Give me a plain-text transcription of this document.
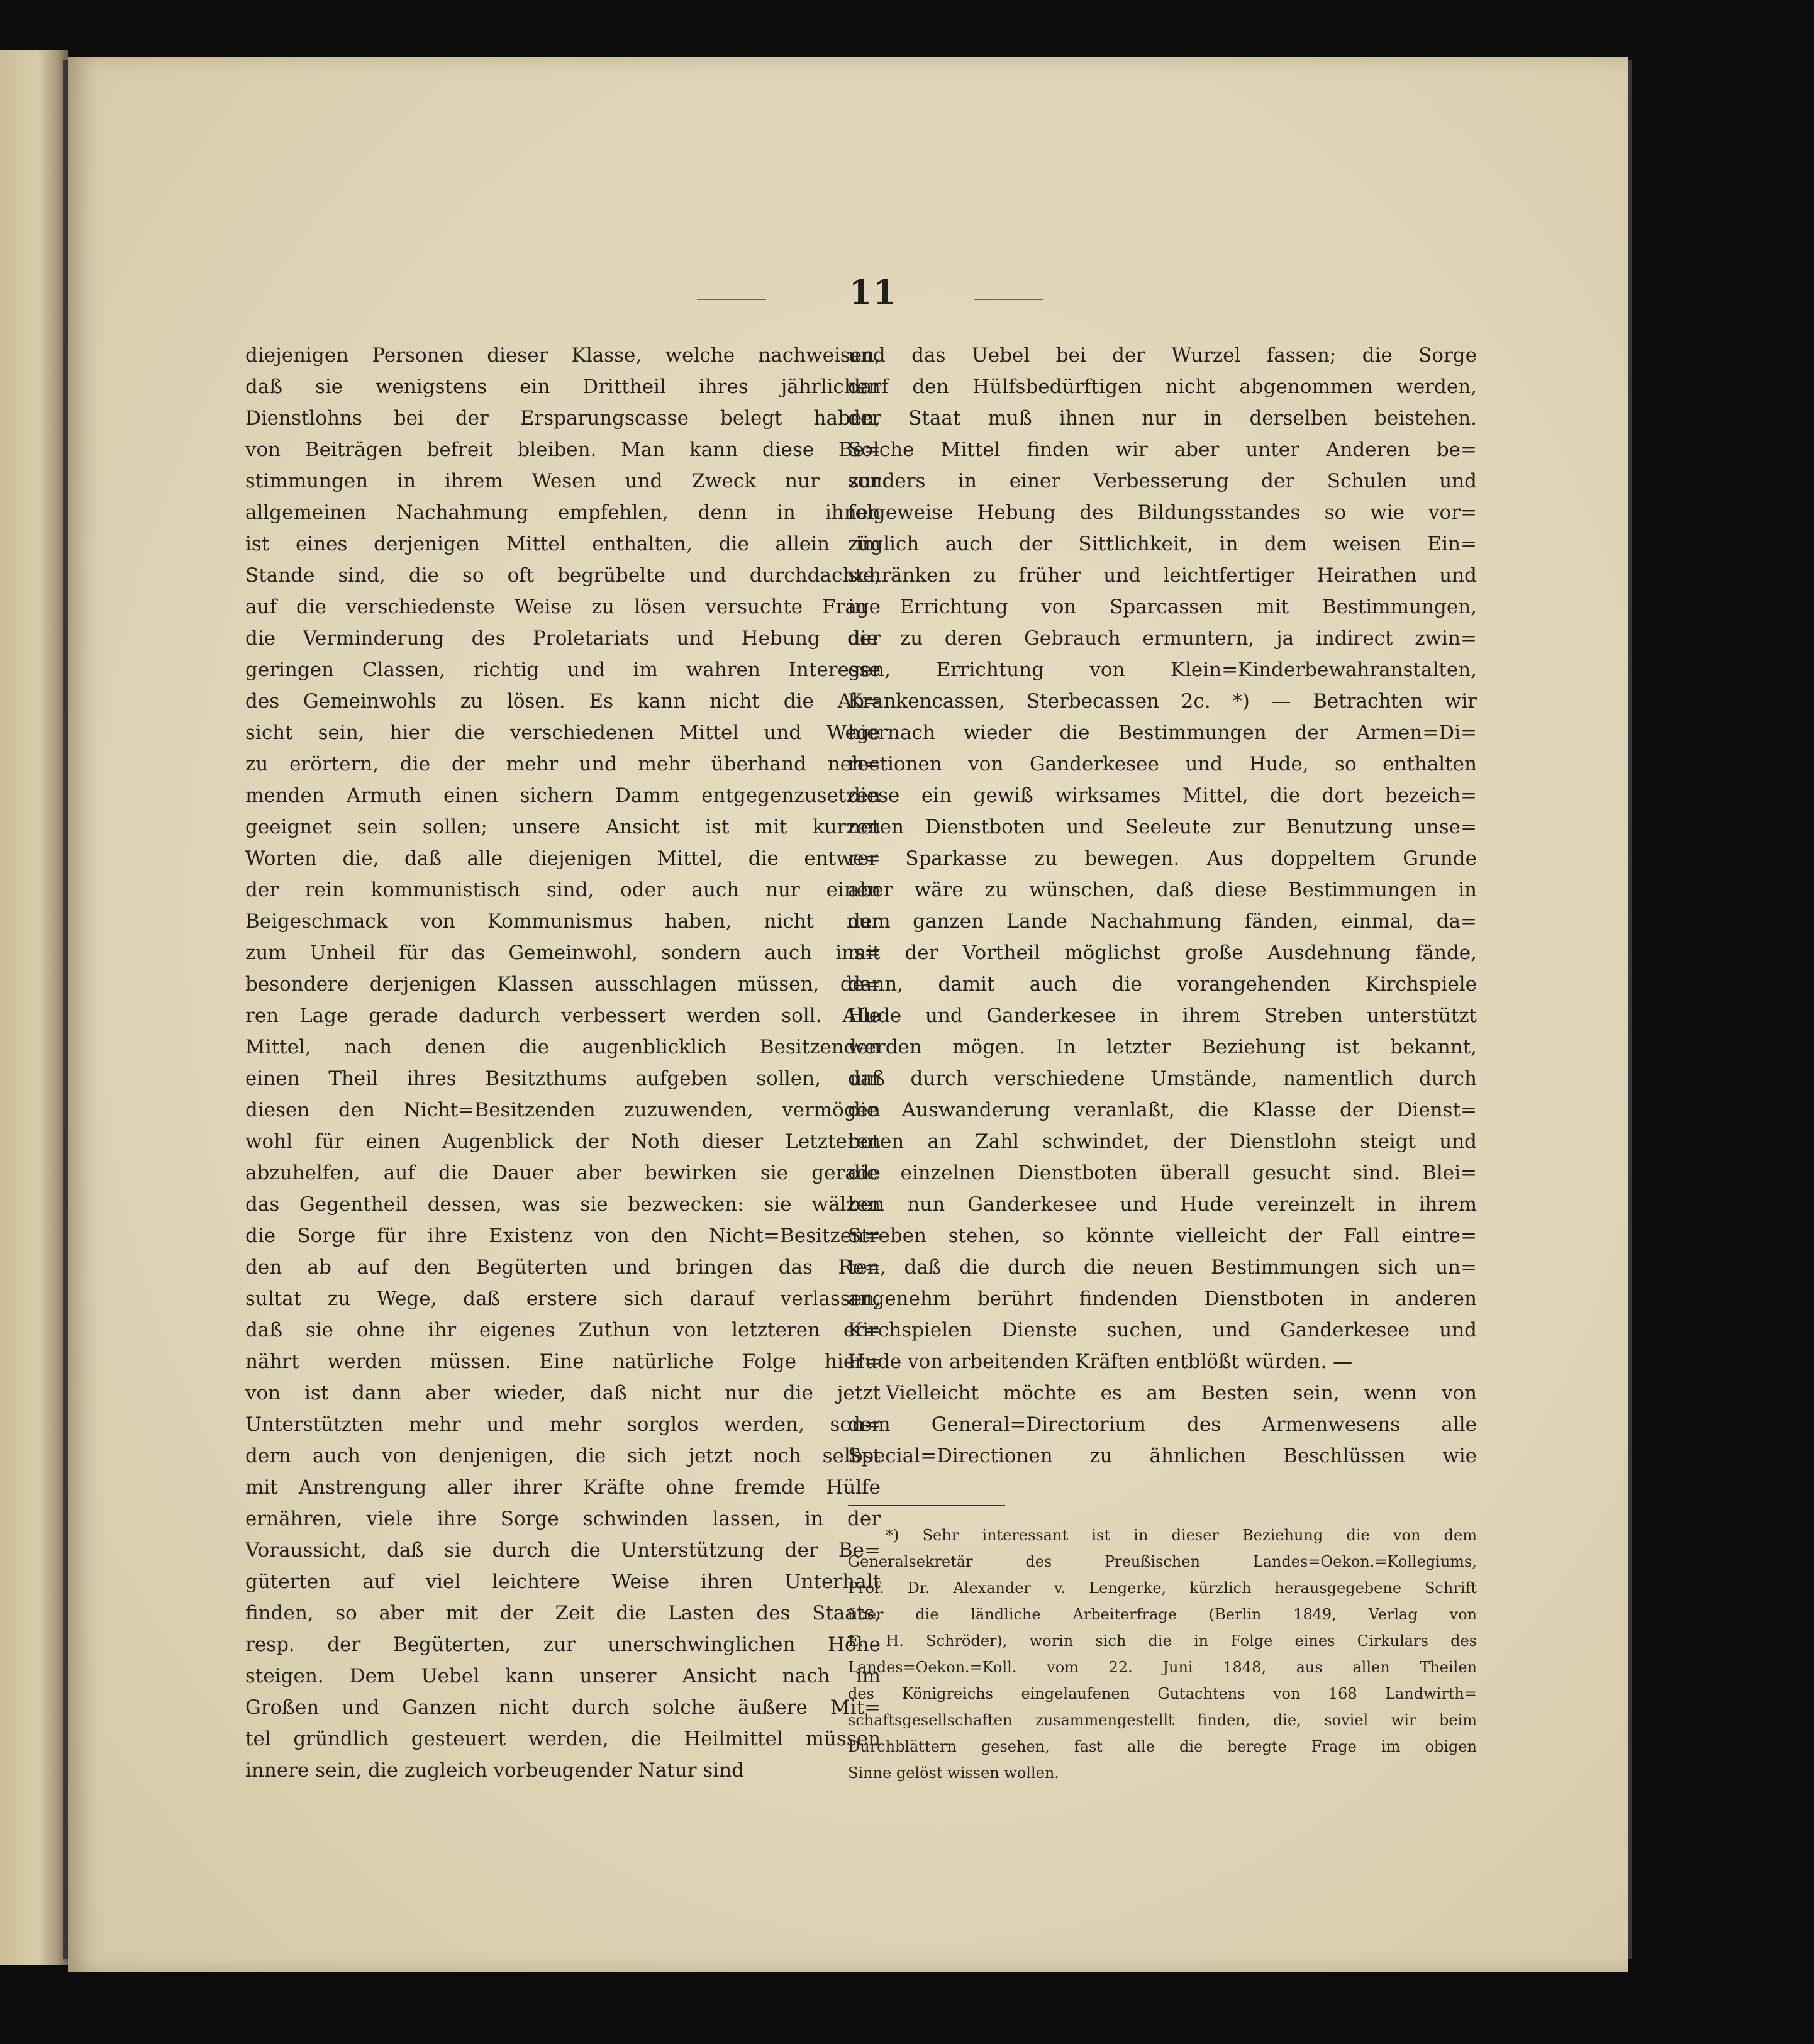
11
diejenigen Personen dieser Klasse, welche nachweisen,
daß sie wenigstens ein Drittheil ihres jährlichen
Dienstlohns bei der Ersparungscasse belegt haben,
von Beiträgen befreit bleiben. Man kann diese Be=
stimmungen in ihrem Wesen und Zweck nur zur
allgemeinen Nachahmung empfehlen, denn in ihnen
ist eines derjenigen Mittel enthalten, die allein im
Stande sind, die so oft begrübelte und durchdachte,
auf die verschiedenste Weise zu lösen versuchte Frage
die Verminderung des Proletariats und Hebung der
geringen Classen, richtig und im wahren Interesse
des Gemeinwohls zu lösen. Es kann nicht die Ab=
sicht sein, hier die verschiedenen Mittel und Wege
zu erörtern, die der mehr und mehr überhand neh=
menden Armuth einen sichern Damm entgegenzusetzen
geeignet sein sollen; unsere Ansicht ist mit kurzen
Worten die, daß alle diejenigen Mittel, die entwe=
der rein kommunistisch sind, oder auch nur einen
Beigeschmack von Kommunismus haben, nicht nur
zum Unheil für das Gemeinwohl, sondern auch ins=
besondere derjenigen Klassen ausschlagen müssen, de=
ren Lage gerade dadurch verbessert werden soll. Alle
Mittel, nach denen die augenblicklich Besitzenden
einen Theil ihres Besitzthums aufgeben sollen, um
diesen den Nicht=Besitzenden zuzuwenden, vermögen
wohl für einen Augenblick der Noth dieser Letzteren
abzuhelfen, auf die Dauer aber bewirken sie gerade
das Gegentheil dessen, was sie bezwecken: sie wälzen
die Sorge für ihre Existenz von den Nicht=Besitzen=
den ab auf den Begüterten und bringen das Re=
sultat zu Wege, daß erstere sich darauf verlassen,
daß sie ohne ihr eigenes Zuthun von letzteren er=
nährt werden müssen. Eine natürliche Folge hier=
von ist dann aber wieder, daß nicht nur die jetzt
Unterstützten mehr und mehr sorglos werden, son=
dern auch von denjenigen, die sich jetzt noch selbst
mit Anstrengung aller ihrer Kräfte ohne fremde Hülfe
ernähren, viele ihre Sorge schwinden lassen, in der
Voraussicht, daß sie durch die Unterstützung der Be=
güterten auf viel leichtere Weise ihren Unterhalt
finden, so aber mit der Zeit die Lasten des Staats,
resp. der Begüterten, zur unerschwinglichen Höhe
steigen. Dem Uebel kann unserer Ansicht nach im
Großen und Ganzen nicht durch solche äußere Mit=
tel gründlich gesteuert werden, die Heilmittel müssen
innere sein, die zugleich vorbeugender Natur sind
und das Uebel bei der Wurzel fassen; die Sorge
darf den Hülfsbedürftigen nicht abgenommen werden,
der Staat muß ihnen nur in derselben beistehen.
Solche Mittel finden wir aber unter Anderen be=
sonders in einer Verbesserung der Schulen und
folgeweise Hebung des Bildungsstandes so wie vor=
züglich auch der Sittlichkeit, in dem weisen Ein=
schränken zu früher und leichtfertiger Heirathen und
in Errichtung von Sparcassen mit Bestimmungen,
die zu deren Gebrauch ermuntern, ja indirect zwin=
gen, Errichtung von Klein=Kinderbewahranstalten,
Krankencassen, Sterbecassen 2c. *) — Betrachten wir
hiernach wieder die Bestimmungen der Armen=Di=
rectionen von Ganderkesee und Hude, so enthalten
diese ein gewiß wirksames Mittel, die dort bezeich=
neten Dienstboten und Seeleute zur Benutzung unse=
rer Sparkasse zu bewegen. Aus doppeltem Grunde
aber wäre zu wünschen, daß diese Bestimmungen in
dem ganzen Lande Nachahmung fänden, einmal, da=
mit der Vortheil möglichst große Ausdehnung fände,
dann, damit auch die vorangehenden Kirchspiele
Hude und Ganderkesee in ihrem Streben unterstützt
werden mögen. In letzter Beziehung ist bekannt,
daß durch verschiedene Umstände, namentlich durch
die Auswanderung veranlaßt, die Klasse der Dienst=
boten an Zahl schwindet, der Dienstlohn steigt und
die einzelnen Dienstboten überall gesucht sind. Blei=
ben nun Ganderkesee und Hude vereinzelt in ihrem
Streben stehen, so könnte vielleicht der Fall eintre=
ten, daß die durch die neuen Bestimmungen sich un=
angenehm berührt findenden Dienstboten in anderen
Kirchspielen Dienste suchen, und Ganderkesee und
Hude von arbeitenden Kräften entblößt würden. —
Vielleicht möchte es am Besten sein, wenn von
dem General=Directorium des Armenwesens alle
Special=Directionen zu ähnlichen Beschlüssen wie
*) Sehr interessant ist in dieser Beziehung die von dem
Generalsekretär des Preußischen Landes=Oekon.=Kollegiums,
Prof. Dr. Alexander v. Lengerke, kürzlich herausgegebene Schrift
über die ländliche Arbeiterfrage (Berlin 1849, Verlag von
E. H. Schröder), worin sich die in Folge eines Cirkulars des
Landes=Oekon.=Koll. vom 22. Juni 1848, aus allen Theilen
des Königreichs eingelaufenen Gutachtens von 168 Landwirth=
schaftsgesellschaften zusammengestellt finden, die, soviel wir beim
Durchblättern gesehen, fast alle die beregte Frage im obigen
Sinne gelöst wissen wollen.
